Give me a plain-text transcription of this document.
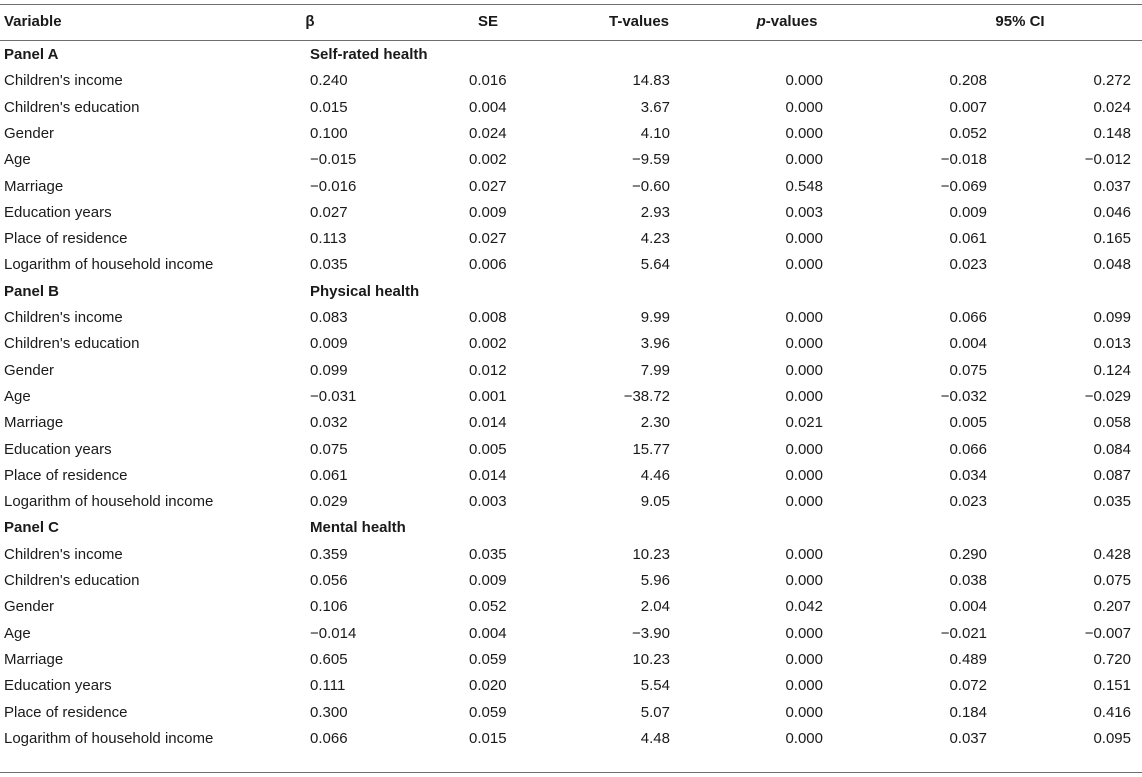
Variable	β	SE	T-values	p-values	95% CI
Panel A	Self-rated health
Children's income	0.240	0.016	14.83	0.000	0.208	0.272
Children's education	0.015	0.004	3.67	0.000	0.007	0.024
Gender	0.100	0.024	4.10	0.000	0.052	0.148
Age	−0.015	0.002	−9.59	0.000	−0.018	−0.012
Marriage	−0.016	0.027	−0.60	0.548	−0.069	0.037
Education years	0.027	0.009	2.93	0.003	0.009	0.046
Place of residence	0.113	0.027	4.23	0.000	0.061	0.165
Logarithm of household income	0.035	0.006	5.64	0.000	0.023	0.048
Panel B	Physical health
Children's income	0.083	0.008	9.99	0.000	0.066	0.099
Children's education	0.009	0.002	3.96	0.000	0.004	0.013
Gender	0.099	0.012	7.99	0.000	0.075	0.124
Age	−0.031	0.001	−38.72	0.000	−0.032	−0.029
Marriage	0.032	0.014	2.30	0.021	0.005	0.058
Education years	0.075	0.005	15.77	0.000	0.066	0.084
Place of residence	0.061	0.014	4.46	0.000	0.034	0.087
Logarithm of household income	0.029	0.003	9.05	0.000	0.023	0.035
Panel C	Mental health
Children's income	0.359	0.035	10.23	0.000	0.290	0.428
Children's education	0.056	0.009	5.96	0.000	0.038	0.075
Gender	0.106	0.052	2.04	0.042	0.004	0.207
Age	−0.014	0.004	−3.90	0.000	−0.021	−0.007
Marriage	0.605	0.059	10.23	0.000	0.489	0.720
Education years	0.111	0.020	5.54	0.000	0.072	0.151
Place of residence	0.300	0.059	5.07	0.000	0.184	0.416
Logarithm of household income	0.066	0.015	4.48	0.000	0.037	0.095
